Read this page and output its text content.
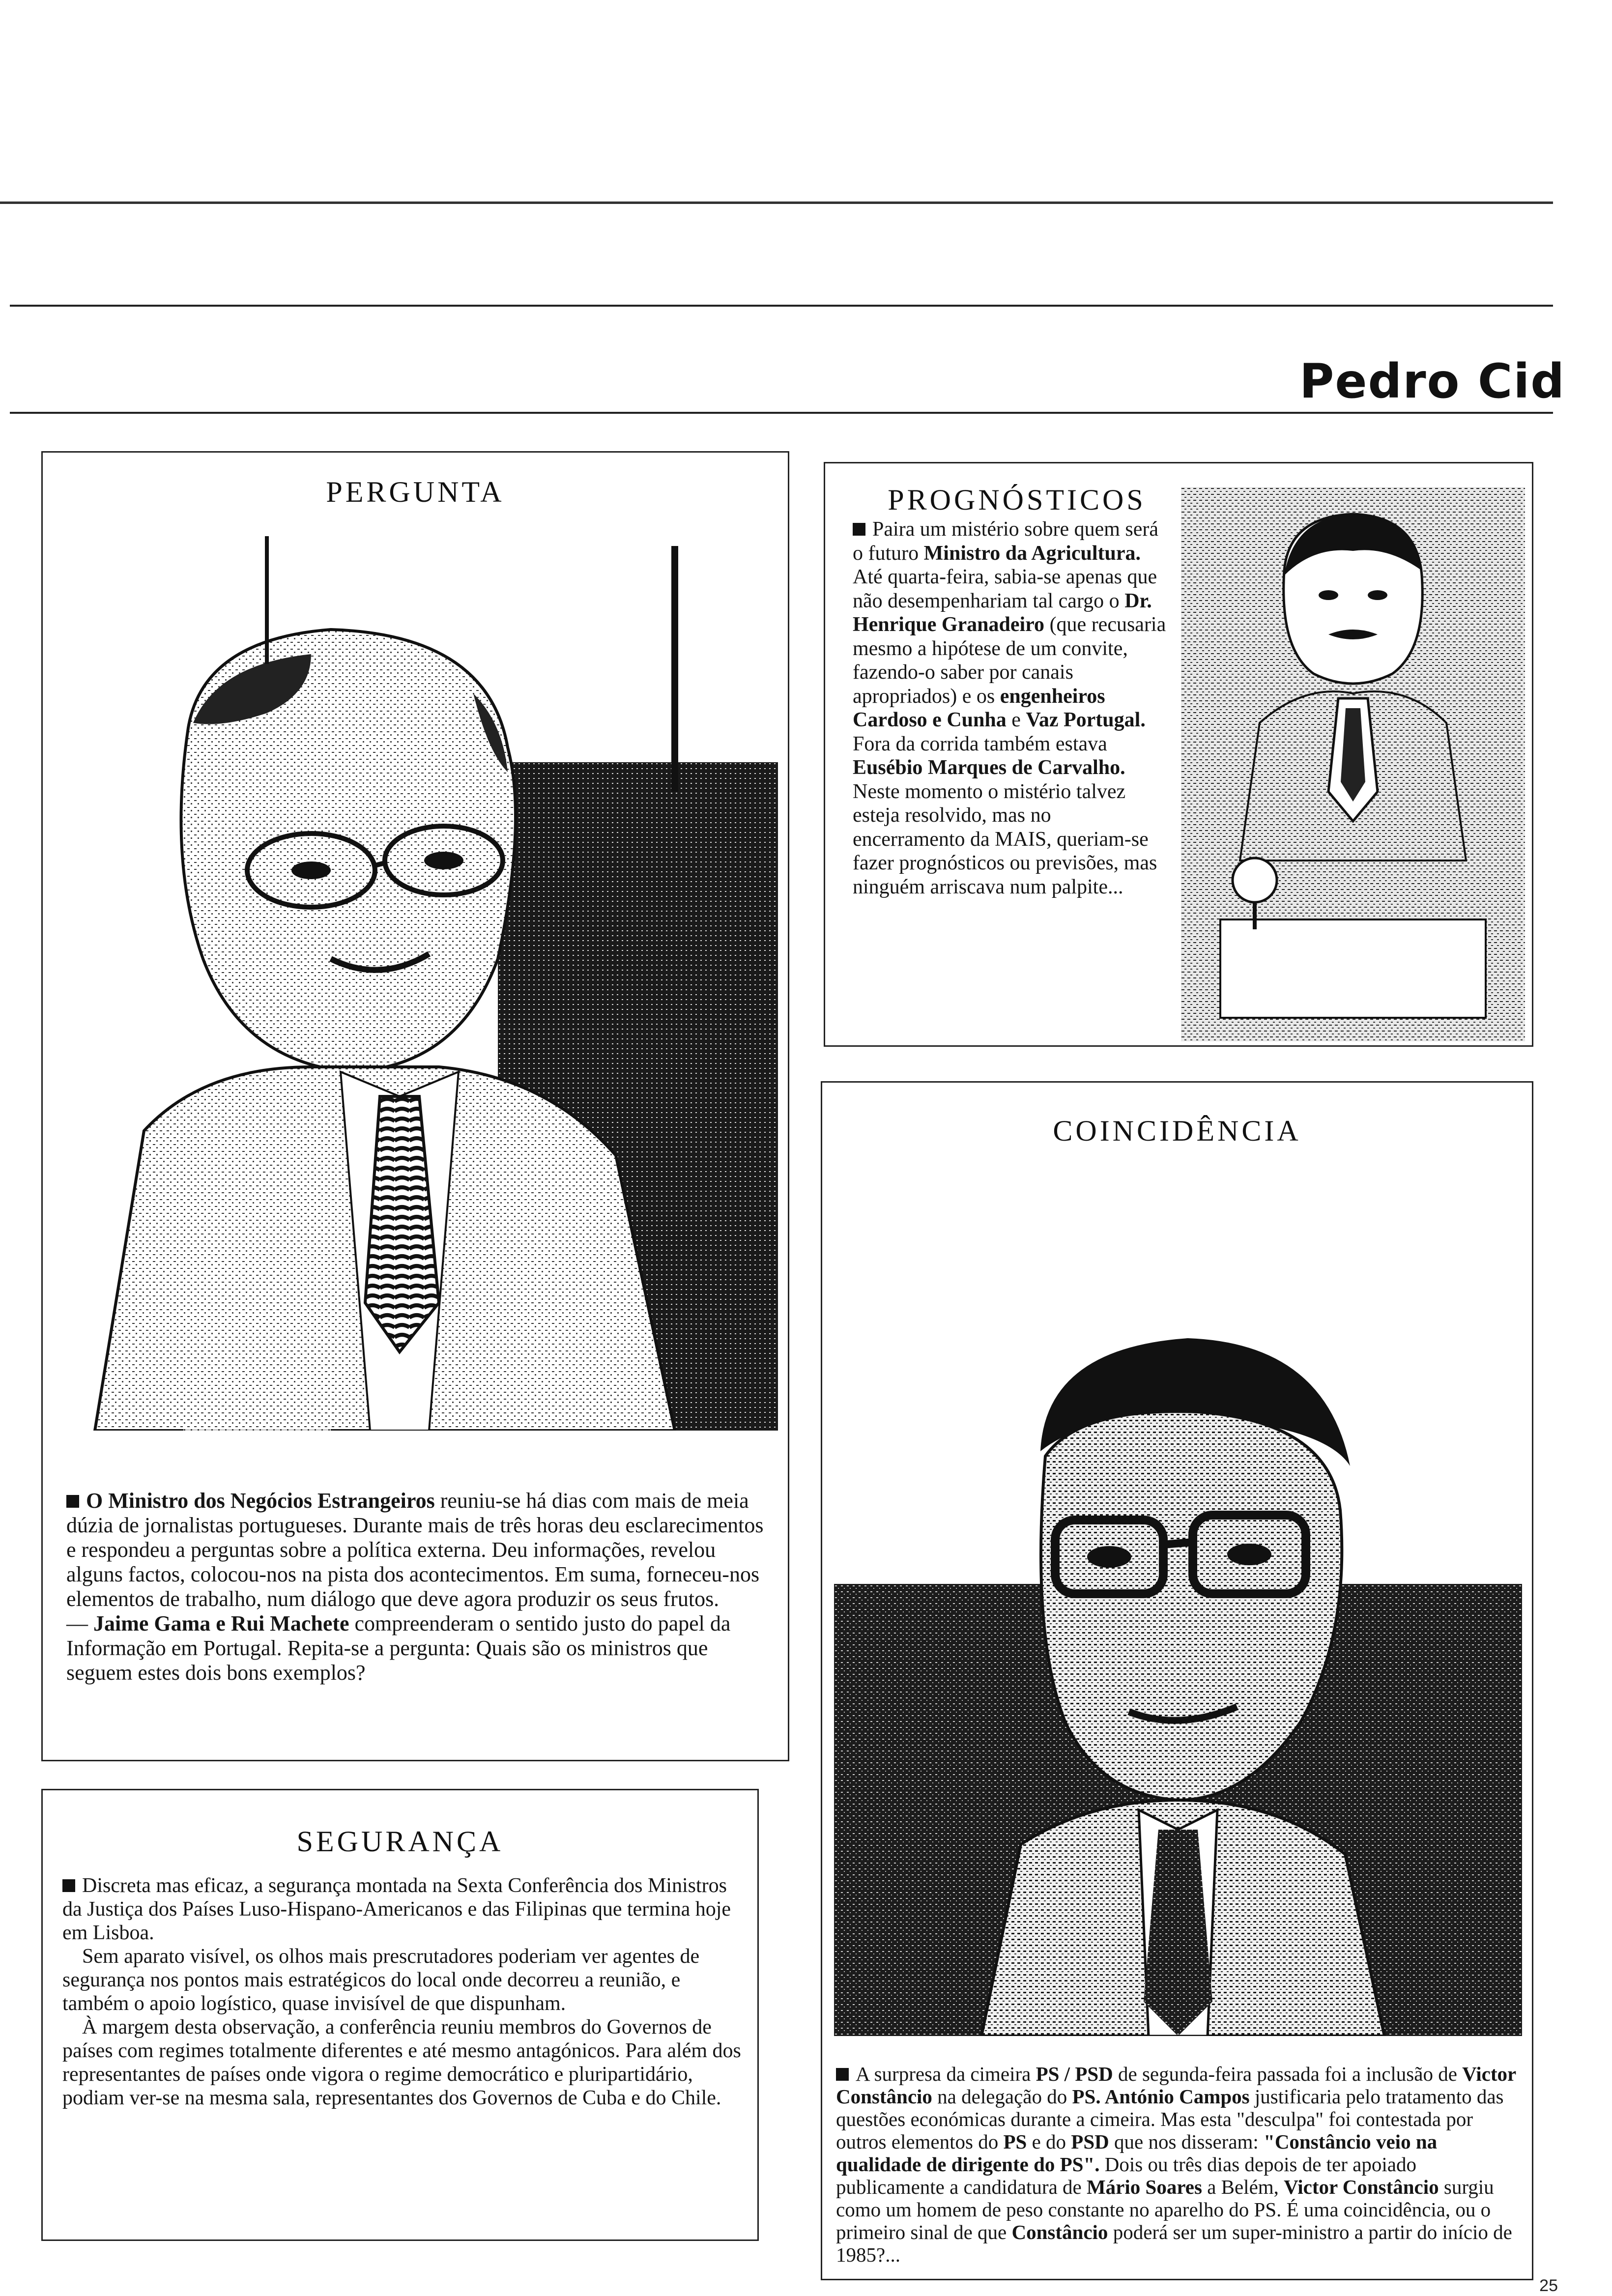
Pedro Cid
PERGUNTA

O Ministro dos Negócios Estrangeiros reuniu-se há dias com mais de meia dúzia de jornalistas portugueses. Durante mais de três horas deu esclarecimentos e respondeu a perguntas sobre a política externa. Deu informações, revelou alguns factos, colocou-nos na pista dos acontecimentos. Em suma, forneceu-nos elementos de trabalho, num diálogo que deve agora produzir os seus frutos.

— Jaime Gama e Rui Machete compreenderam o sentido justo do papel da Informação em Portugal. Repita-se a pergunta: Quais são os ministros que seguem estes dois bons exemplos?

PROGNÓSTICOS

Paira um mistério sobre quem será o futuro Ministro da Agricultura. Até quarta-feira, sabia-se apenas que não desempenhariam tal cargo o Dr. Henrique Granadeiro (que recusaria mesmo a hipótese de um convite, fazendo-o saber por canais apropriados) e os engenheiros Cardoso e Cunha e Vaz Portugal. Fora da corrida também estava Eusébio Marques de Carvalho. Neste momento o mistério talvez esteja resolvido, mas no encerramento da MAIS, queriam-se fazer prognósticos ou previsões, mas ninguém arriscava num palpite...

COINCIDÊNCIA

A surpresa da cimeira PS / PSD de segunda-feira passada foi a inclusão de Victor Constâncio na delegação do PS. António Campos justificaria pelo tratamento das questões económicas durante a cimeira. Mas esta "desculpa" foi contestada por outros elementos do PS e do PSD que nos disseram: "Constâncio veio na qualidade de dirigente do PS". Dois ou três dias depois de ter apoiado publicamente a candidatura de Mário Soares a Belém, Victor Constâncio surgiu como um homem de peso constante no aparelho do PS. É uma coincidência, ou o primeiro sinal de que Constâncio poderá ser um super-ministro a partir do início de 1985?...

SEGURANÇA

Discreta mas eficaz, a segurança montada na Sexta Conferência dos Ministros da Justiça dos Países Luso-Hispano-Americanos e das Filipinas que termina hoje em Lisboa.

Sem aparato visível, os olhos mais prescrutadores poderiam ver agentes de segurança nos pontos mais estratégicos do local onde decorreu a reunião, e também o apoio logístico, quase invisível de que dispunham.

À margem desta observação, a conferência reuniu membros do Governos de países com regimes totalmente diferentes e até mesmo antagónicos. Para além dos representantes de países onde vigora o regime democrático e pluripartidário, podiam ver-se na mesma sala, representantes dos Governos de Cuba e do Chile.

25
